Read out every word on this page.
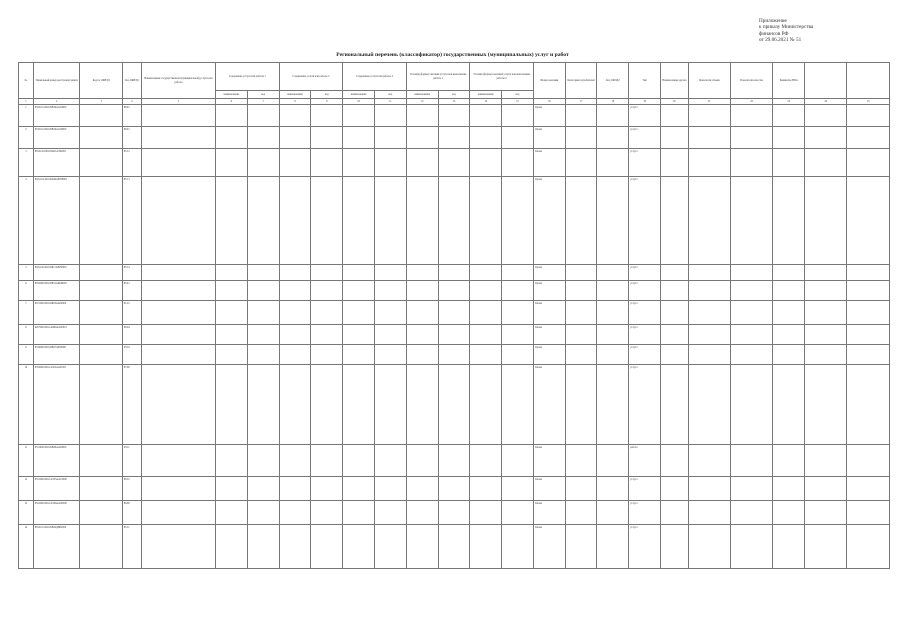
Приложение
к приказу Министерства
финансов РФ
от 29.06.2021 № 51
Региональный перечень (классификатор) государственных (муниципальных) услуг и работ
№	Уникальный номер реестровой записи	Код по ОКВЭД	Код ОКВЭД	Наименование государственной (муниципальной) услуги или работы	Содержание услуги или работы 1		Содержание услуги или работы 2		Содержание услуги или работы 3		Условия (формы) оказания услуги или выполнения работы 1		Условия (формы) оказания услуги или выполнения работы 2		Форма оказания	Категории потребителей	Код ОКПД2	Тип	Наименование органа	Показатели объема	Показатели качества	Реквизиты НПА		
					наименование	код	наименование	код	наименование	код	наименование	код	наименование	код										
1	2	3	4	5	6	7	8	9	10	11	12	13	14	15	16	17	18	19	20	21	22	23	24	25
1	853211О.99.0.БВ19АА54000		88.91												Очная			услуга						
2	853211О.99.0.БВ19АА56000		88.91												Очная			услуга						
3	801012О.99.0.БА81АЭ92001		85.12												Очная			услуга						
4	802111О.99.0.БА96АЮ58001		85.13												Очная			услуга						
5	802112О.99.0.ББ11АЮ58001		85.14												Очная			услуга						
6	804200О.99.0.ББ52АЖ48000		85.41												Очная			услуга						
7	910100О.99.0.ББ83АА00000		91.01												Очная			услуга						
8	920700О.99.0.АЯ80АА00001		90.04												Очная			услуга						
9	931900О.99.0.БВ27АБ59000		93.19												Очная			услуга						
10	870000О.99.0.АЗ22АА01001		87.90												Очная			услуга						
11	931100О.99.0.БВ28АА00000		93.11												Очная			работа						
12	853100О.99.0.АЭ25АА01000		88.10												Очная			услуга						
13	854100О.99.0.АЭ26АА00000		86.90												Очная			услуга						
14	801011О.99.0.БВ24ДН82000		85.11												Очная			услуга						
